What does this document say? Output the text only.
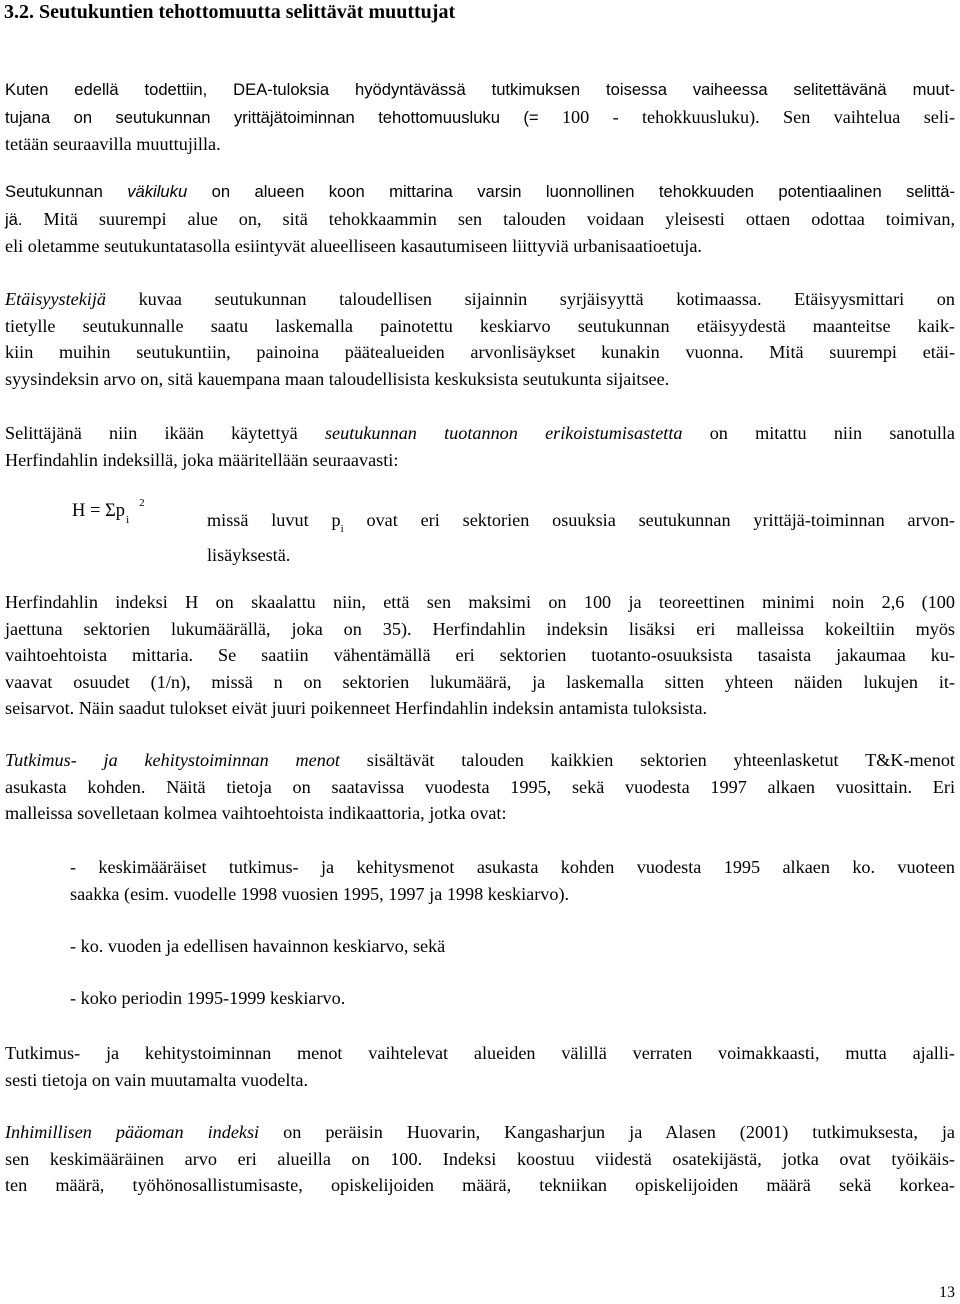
3.2. Seutukuntien tehottomuutta selittävät muuttujat
Kuten edellä todettiin, DEA-tuloksia hyödyntävässä tutkimuksen toisessa vaiheessa selitettävänä muut-
tujana on seutukunnan yrittäjätoiminnan tehottomuusluku (= 100 - tehokkuusluku). Sen vaihtelua seli-
tetään seuraavilla muuttujilla.
Seutukunnan väkiluku on alueen koon mittarina varsin luonnollinen tehokkuuden potentiaalinen selittä-
jä. Mitä suurempi alue on, sitä tehokkaammin sen talouden voidaan yleisesti ottaen odottaa toimivan,
eli oletamme seutukuntatasolla esiintyvät alueelliseen kasautumiseen liittyviä urbanisaatioetuja.
Etäisyystekijä kuvaa seutukunnan taloudellisen sijainnin syrjäisyyttä kotimaassa. Etäisyysmittari on
tietylle seutukunnalle saatu laskemalla painotettu keskiarvo seutukunnan etäisyydestä maanteitse kaik-
kiin muihin seutukuntiin, painoina päätealueiden arvonlisäykset kunakin vuonna. Mitä suurempi etäi-
syysindeksin arvo on, sitä kauempana maan taloudellisista keskuksista seutukunta sijaitsee.
Selittäjänä niin ikään käytettyä seutukunnan tuotannon erikoistumisastetta on mitattu niin sanotulla
Herfindahlin indeksillä, joka määritellään seuraavasti:
$H = \Sigma p_i^2$
missä luvut $p_i$ ovat eri sektorien osuuksia seutukunnan yrittäjä-toiminnan arvon-
lisäyksestä.
Herfindahlin indeksi H on skaalattu niin, että sen maksimi on 100 ja teoreettinen minimi noin 2,6 (100
jaettuna sektorien lukumäärällä, joka on 35). Herfindahlin indeksin lisäksi eri malleissa kokeiltiin myös
vaihtoehtoista mittaria. Se saatiin vähentämällä eri sektorien tuotanto-osuuksista tasaista jakaumaa ku-
vaavat osuudet (1/n), missä n on sektorien lukumäärä, ja laskemalla sitten yhteen näiden lukujen it-
seisarvot. Näin saadut tulokset eivät juuri poikenneet Herfindahlin indeksin antamista tuloksista.
Tutkimus- ja kehitystoiminnan menot sisältävät talouden kaikkien sektorien yhteenlasketut T&K-menot
asukasta kohden. Näitä tietoja on saatavissa vuodesta 1995, sekä vuodesta 1997 alkaen vuosittain. Eri
malleissa sovelletaan kolmea vaihtoehtoista indikaattoria, jotka ovat:
- keskimääräiset tutkimus- ja kehitysmenot asukasta kohden vuodesta 1995 alkaen ko. vuoteen
saakka (esim. vuodelle 1998 vuosien 1995, 1997 ja 1998 keskiarvo).
- ko. vuoden ja edellisen havainnon keskiarvo, sekä
- koko periodin 1995-1999 keskiarvo.
Tutkimus- ja kehitystoiminnan menot vaihtelevat alueiden välillä verraten voimakkaasti, mutta ajalli-
sesti tietoja on vain muutamalta vuodelta.
Inhimillisen pääoman indeksi on peräisin Huovarin, Kangasharjun ja Alasen (2001) tutkimuksesta, ja
sen keskimääräinen arvo eri alueilla on 100. Indeksi koostuu viidestä osatekijästä, jotka ovat työikäis-
ten määrä, työhönosallistumisaste, opiskelijoiden määrä, tekniikan opiskelijoiden määrä sekä korkea-
13
